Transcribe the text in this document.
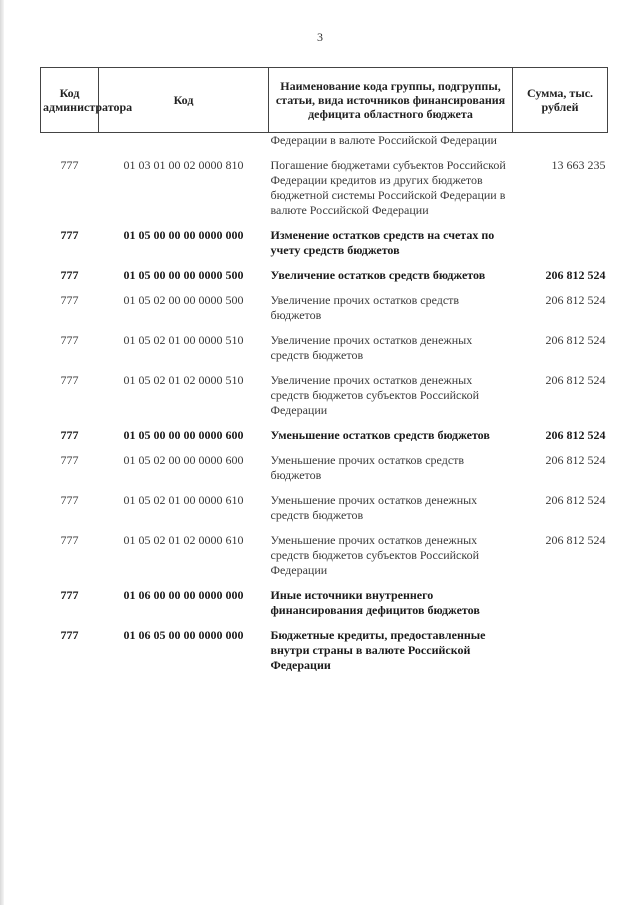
3
Код администратора	Код	Наименование кода группы, подгруппы, статьи, вида источников финансирования дефицита областного бюджета	Сумма, тыс. рублей
		Федерации в валюте Российской Федерации	
777	01 03 01 00 02 0000 810	Погашение бюджетами субъектов Российской Федерации кредитов из других бюджетов бюджетной системы Российской Федерации в валюте Российской Федерации	13 663 235
777	01 05 00 00 00 0000 000	Изменение остатков средств на счетах по учету средств бюджетов	
777	01 05 00 00 00 0000 500	Увеличение остатков средств бюджетов	206 812 524
777	01 05 02 00 00 0000 500	Увеличение прочих остатков средств бюджетов	206 812 524
777	01 05 02 01 00 0000 510	Увеличение прочих остатков денежных средств бюджетов	206 812 524
777	01 05 02 01 02 0000 510	Увеличение прочих остатков денежных средств бюджетов субъектов Российской Федерации	206 812 524
777	01 05 00 00 00 0000 600	Уменьшение остатков средств бюджетов	206 812 524
777	01 05 02 00 00 0000 600	Уменьшение прочих остатков средств бюджетов	206 812 524
777	01 05 02 01 00 0000 610	Уменьшение прочих остатков денежных средств бюджетов	206 812 524
777	01 05 02 01 02 0000 610	Уменьшение прочих остатков денежных средств бюджетов субъектов Российской Федерации	206 812 524
777	01 06 00 00 00 0000 000	Иные источники внутреннего финансирования дефицитов бюджетов	
777	01 06 05 00 00 0000 000	Бюджетные кредиты, предоставленные внутри страны в валюте Российской Федерации	
